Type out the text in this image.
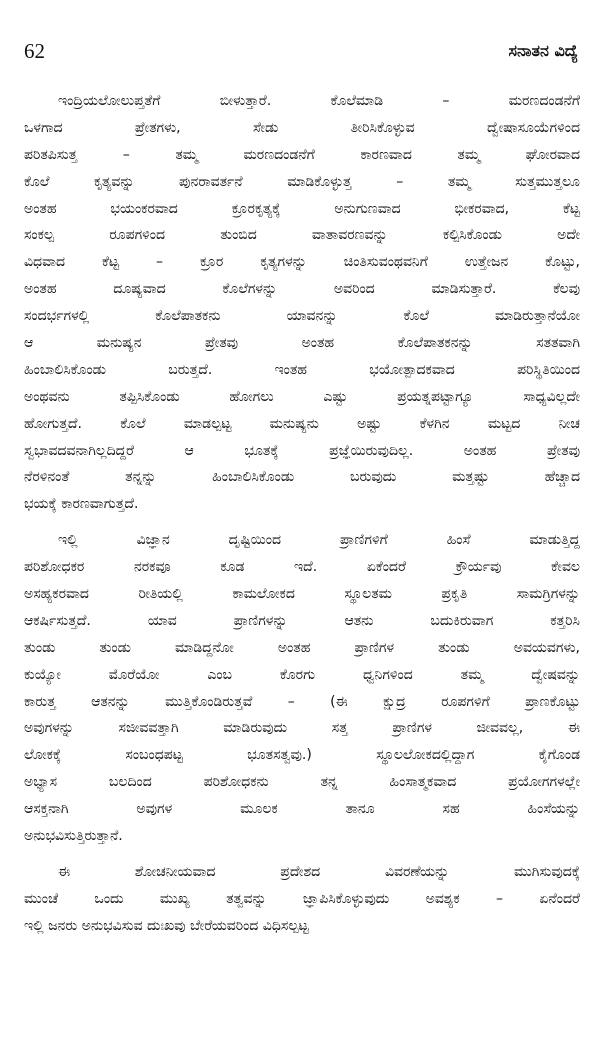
62	ಸನಾತನ ವಿದ್ಯೆ
ಇಂದ್ರಿಯಲೋಲುಪ್ತತೆಗೆ ಬೀಳುತ್ತಾರೆ. ಕೊಲೆಮಾಡಿ – ಮರಣದಂಡನೆಗೆ
ಒಳಗಾದ ಪ್ರೇತಗಳು, ಸೇಡು ತೀರಿಸಿಕೊಳ್ಳುವ ದ್ವೇಷಾಸೂಯೆಗಳಿಂದ
ಪರಿತಪಿಸುತ್ತ – ತಮ್ಮ ಮರಣದಂಡನೆಗೆ ಕಾರಣವಾದ ತಮ್ಮ ಘೋರವಾದ
ಕೊಲೆ ಕೃತ್ಯವನ್ನು ಪುನರಾವರ್ತನೆ ಮಾಡಿಕೊಳ್ಳುತ್ತ – ತಮ್ಮ ಸುತ್ತಮುತ್ತಲೂ
ಅಂತಹ ಭಯಂಕರವಾದ ಕ್ರೂರಕೃತ್ಯಕ್ಕೆ ಅನುಗುಣವಾದ ಭೀಕರವಾದ, ಕೆಟ್ಟ
ಸಂಕಲ್ಪ ರೂಪಗಳಿಂದ ತುಂಬಿದ ವಾತಾವರಣವನ್ನು ಕಲ್ಪಿಸಿಕೊಂಡು ಅದೇ
ವಿಧವಾದ ಕೆಟ್ಟ – ಕ್ರೂರ ಕೃತ್ಯಗಳನ್ನು ಚಿಂತಿಸುವಂಥವನಿಗೆ ಉತ್ತೇಜನ ಕೊಟ್ಟು,
ಅಂತಹ ದೂಷ್ಯವಾದ ಕೊಲೆಗಳನ್ನು ಅವರಿಂದ ಮಾಡಿಸುತ್ತಾರೆ. ಕೆಲವು
ಸಂದರ್ಭಗಳಲ್ಲಿ ಕೊಲೆಪಾತಕನು ಯಾವನನ್ನು ಕೊಲೆ ಮಾಡಿರುತ್ತಾನೆಯೋ
ಆ ಮನುಷ್ಯನ ಪ್ರೇತವು ಅಂತಹ ಕೊಲೆಪಾತಕನನ್ನು ಸತತವಾಗಿ
ಹಿಂಬಾಲಿಸಿಕೊಂಡು ಬರುತ್ತದೆ. ಇಂತಹ ಭಯೋತ್ಪಾದಕವಾದ ಪರಿಸ್ಥಿತಿಯಿಂದ
ಅಂಥವನು ತಪ್ಪಿಸಿಕೊಂಡು ಹೋಗಲು ಎಷ್ಟು ಪ್ರಯತ್ನಪಟ್ಟಾಗ್ಯೂ ಸಾಧ್ಯವಿಲ್ಲದೇ
ಹೋಗುತ್ತದೆ. ಕೊಲೆ ಮಾಡಲ್ಪಟ್ಟ ಮನುಷ್ಯನು ಅಷ್ಟು ಕೆಳಗಿನ ಮಟ್ಟದ ನೀಚ
ಸ್ವಭಾವದವನಾಗಿಲ್ಲದಿದ್ದರೆ ಆ ಭೂತಕ್ಕೆ ಪ್ರಜ್ಞೆಯಿರುವುದಿಲ್ಲ. ಅಂತಹ ಪ್ರೇತವು
ನೆರಳಿನಂತೆ ತನ್ನನ್ನು ಹಿಂಬಾಲಿಸಿಕೊಂಡು ಬರುವುದು ಮತ್ತಷ್ಟು ಹೆಚ್ಚಾದ
ಭಯಕ್ಕೆ ಕಾರಣವಾಗುತ್ತದೆ.
ಇಲ್ಲಿ ವಿಜ್ಞಾನ ದೃಷ್ಟಿಯಿಂದ ಪ್ರಾಣಿಗಳಿಗೆ ಹಿಂಸೆ ಮಾಡುತ್ತಿದ್ದ
ಪರಿಶೋಧಕರ ನರಕವೂ ಕೂಡ ಇದೆ. ಏಕೆಂದರೆ ಕ್ರೌರ್ಯವು ಕೇವಲ
ಅಸಹ್ಯಕರವಾದ ರೀತಿಯಲ್ಲಿ ಕಾಮಲೋಕದ ಸ್ಥೂಲತಮ ಪ್ರಕೃತಿ ಸಾಮಗ್ರಿಗಳನ್ನು
ಆಕರ್ಷಿಸುತ್ತದೆ. ಯಾವ ಪ್ರಾಣಿಗಳನ್ನು ಆತನು ಬದುಕಿರುವಾಗ ಕತ್ತರಿಸಿ
ತುಂಡು ತುಂಡು ಮಾಡಿದ್ದನೋ ಅಂತಹ ಪ್ರಾಣಿಗಳ ತುಂಡು ಅವಯವಗಳು,
ಕುಯ್ಯೋ ಮೊರೆಯೋ ಎಂಬ ಕೊರಗು ಧ್ವನಿಗಳಿಂದ ತಮ್ಮ ದ್ವೇಷವನ್ನು
ಕಾರುತ್ತ ಆತನನ್ನು ಮುತ್ತಿಕೊಂಡಿರುತ್ತವೆ – (ಈ ಕ್ಷುದ್ರ ರೂಪಗಳಿಗೆ ಪ್ರಾಣಕೊಟ್ಟು
ಅವುಗಳನ್ನು ಸಜೀವವತ್ತಾಗಿ ಮಾಡಿರುವುದು ಸತ್ತ ಪ್ರಾಣಿಗಳ ಜೀವವಲ್ಲ, ಈ
ಲೋಕಕ್ಕೆ ಸಂಬಂಧಪಟ್ಟ ಭೂತಸತ್ವವು.) ಸ್ಥೂಲಲೋಕದಲ್ಲಿದ್ದಾಗ ಕೈಗೊಂಡ
ಅಭ್ಯಾಸ ಬಲದಿಂದ ಪರಿಶೋಧಕನು ತನ್ನ ಹಿಂಸಾತ್ಮಕವಾದ ಪ್ರಯೋಗಗಳಲ್ಲೇ
ಆಸಕ್ತನಾಗಿ ಅವುಗಳ ಮೂಲಕ ತಾನೂ ಸಹ ಹಿಂಸೆಯನ್ನು
ಅನುಭವಿಸುತ್ತಿರುತ್ತಾನೆ.
ಈ ಶೋಚನೀಯವಾದ ಪ್ರದೇಶದ ವಿವರಣೆಯನ್ನು ಮುಗಿಸುವುದಕ್ಕೆ
ಮುಂಚೆ ಒಂದು ಮುಖ್ಯ ತತ್ವವನ್ನು ಜ್ಞಾಪಿಸಿಕೊಳ್ಳುವುದು ಅವಶ್ಯಕ – ಏನೆಂದರೆ
ಇಲ್ಲಿ ಜನರು ಅನುಭವಿಸುವ ದುಃಖವು ಬೇರೆಯವರಿಂದ ವಿಧಿಸಲ್ಪಟ್ಟ
